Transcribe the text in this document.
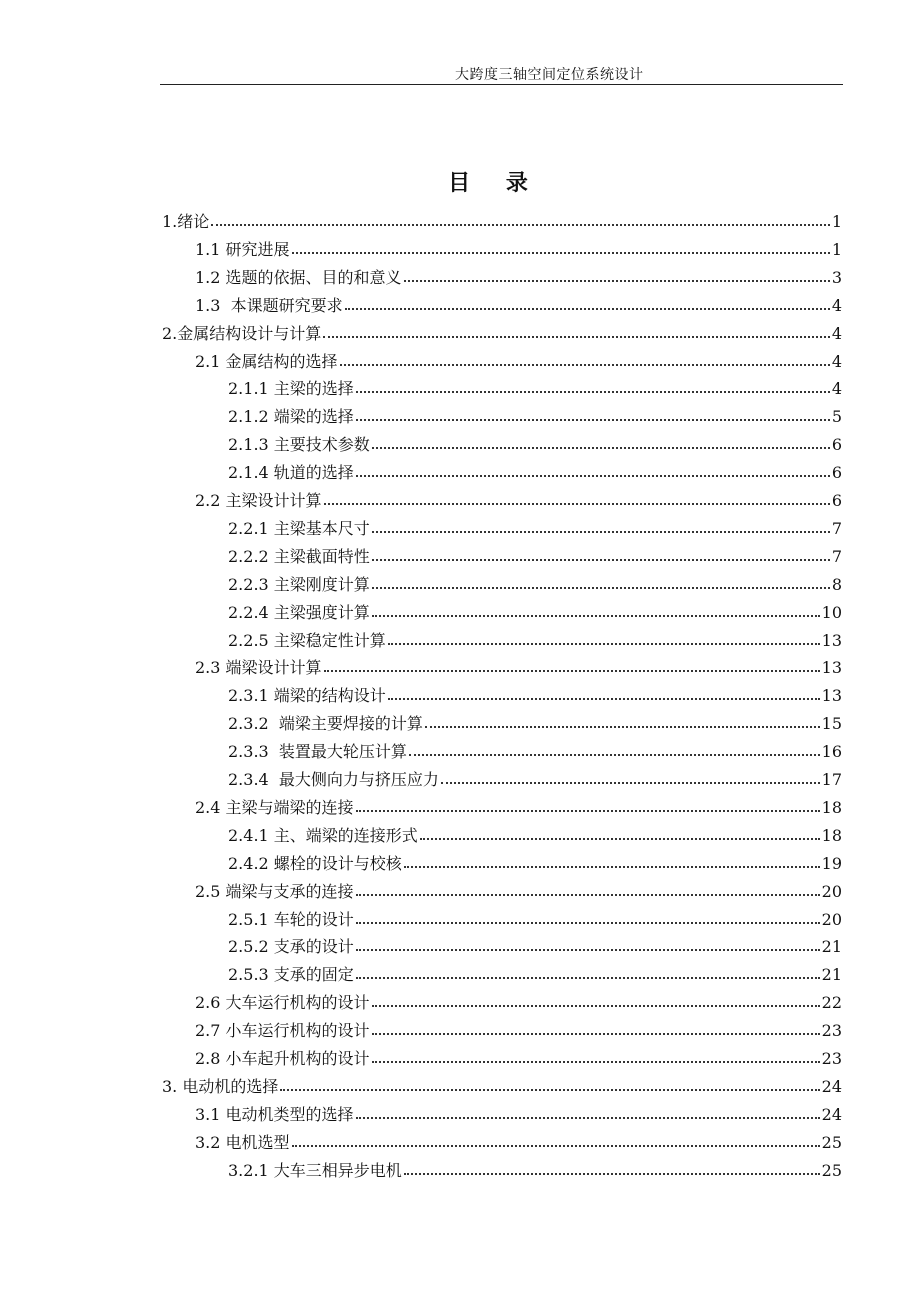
大跨度三轴空间定位系统设计
目 录
1.绪论	1
1.1 研究进展	1
1.2 选题的依据、目的和意义	3
1.3  本课题研究要求	4
2.金属结构设计与计算	4
2.1 金属结构的选择	4
2.1.1 主梁的选择	4
2.1.2 端梁的选择	5
2.1.3 主要技术参数	6
2.1.4 轨道的选择	6
2.2 主梁设计计算	6
2.2.1 主梁基本尺寸	7
2.2.2 主梁截面特性	7
2.2.3 主梁刚度计算	8
2.2.4 主梁强度计算	10
2.2.5 主梁稳定性计算	13
2.3 端梁设计计算	13
2.3.1 端梁的结构设计	13
2.3.2  端梁主要焊接的计算	15
2.3.3  装置最大轮压计算	16
2.3.4  最大侧向力与挤压应力	17
2.4 主梁与端梁的连接	18
2.4.1 主、端梁的连接形式	18
2.4.2 螺栓的设计与校核	19
2.5 端梁与支承的连接	20
2.5.1 车轮的设计	20
2.5.2 支承的设计	21
2.5.3 支承的固定	21
2.6 大车运行机构的设计	22
2.7 小车运行机构的设计	23
2.8 小车起升机构的设计	23
3. 电动机的选择	24
3.1 电动机类型的选择	24
3.2 电机选型	25
3.2.1 大车三相异步电机	25
